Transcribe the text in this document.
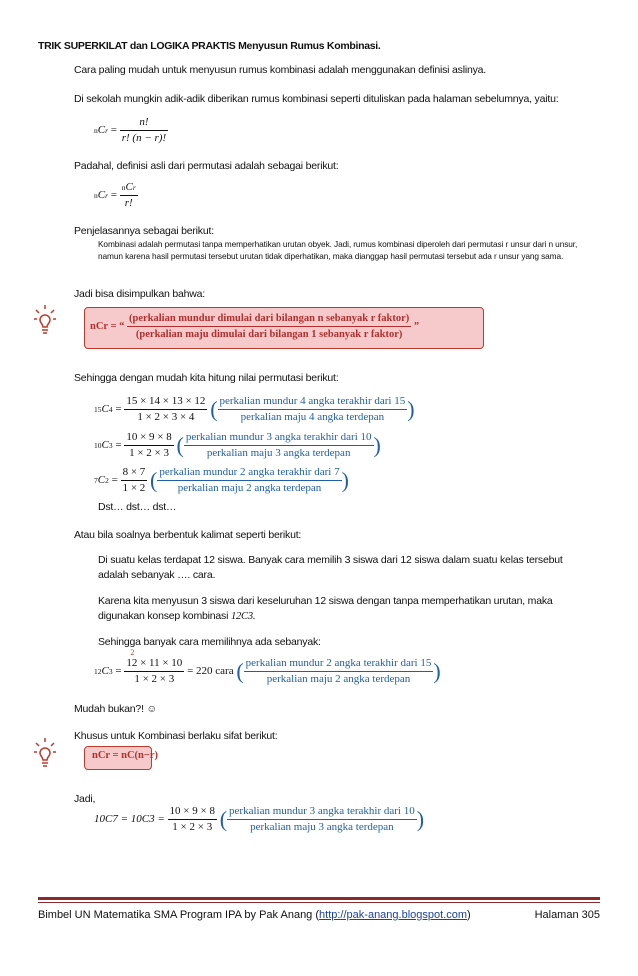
TRIK SUPERKILAT dan LOGIKA PRAKTIS Menyusun Rumus Kombinasi.
Cara paling mudah untuk menyusun rumus kombinasi adalah menggunakan definisi aslinya.
Di sekolah mungkin adik-adik diberikan rumus kombinasi seperti dituliskan pada halaman sebelumnya, yaitu:
nCr = $\frac{n!}{r! (n - r)!}$
Padahal, definisi asli dari permutasi adalah sebagai berikut:
nCr = $\frac{\text{nCr}}{r!}$
Penjelasannya sebagai berikut:
Kombinasi adalah permutasi tanpa memperhatikan urutan obyek. Jadi, rumus kombinasi diperoleh dari permutasi r unsur dari n unsur, namun karena hasil permutasi tersebut urutan tidak diperhatikan, maka dianggap hasil permutasi tersebut ada r unsur yang sama.
Jadi bisa disimpulkan bahwa:
nCr = “ $\frac{\text{(perkalian mundur dimulai dari bilangan n sebanyak r faktor)}}{\text{(perkalian maju dimulai dari bilangan 1 sebanyak r faktor)}}$ ”
Sehingga dengan mudah kita hitung nilai permutasi berikut:
$15C4 = \frac{15 \times 14 \times 13 \times 12}{1 \times 2 \times 3 \times 4}$ ( $\frac{\text{perkalian mundur 4 angka terakhir dari 15}}{\text{perkalian maju 4 angka terdepan}}$ )
$10C3 = \frac{10 \times 9 \times 8}{1 \times 2 \times 3}$ ( $\frac{\text{perkalian mundur 3 angka terakhir dari 10}}{\text{perkalian maju 3 angka terdepan}}$ )
$7C2 = \frac{8 \times 7}{1 \times 2}$ ( $\frac{\text{perkalian mundur 2 angka terakhir dari 7}}{\text{perkalian maju 2 angka terdepan}}$ )
Dst… dst… dst…
Atau bila soalnya berbentuk kalimat seperti berikut:
Di suatu kelas terdapat 12 siswa. Banyak cara memilih 3 siswa dari 12 siswa dalam suatu kelas tersebut
adalah sebanyak …. cara.
Karena kita menyusun 3 siswa dari keseluruhan 12 siswa dengan tanpa memperhatikan urutan, maka
digunakan konsep kombinasi 12C3.
Sehingga banyak cara memilihnya ada sebanyak:
12C3 =
2
12 × 11 × 10
1 × 2 × 3
= 220 cara ( $\frac{\text{perkalian mundur 2 angka terakhir dari 15}}{\text{perkalian maju 2 angka terdepan}}$ )
Mudah bukan?! ☺
Khusus untuk Kombinasi berlaku sifat berikut:
nCr = nC(n−r)
Jadi,
$10C7 = 10C3 = \frac{10 \times 9 \times 8}{1 \times 2 \times 3}$ ( $\frac{\text{perkalian mundur 3 angka terakhir dari 10}}{\text{perkalian maju 3 angka terdepan}}$ )
Bimbel UN Matematika SMA Program IPA by Pak Anang (http://pak-anang.blogspot.com)	Halaman 305
